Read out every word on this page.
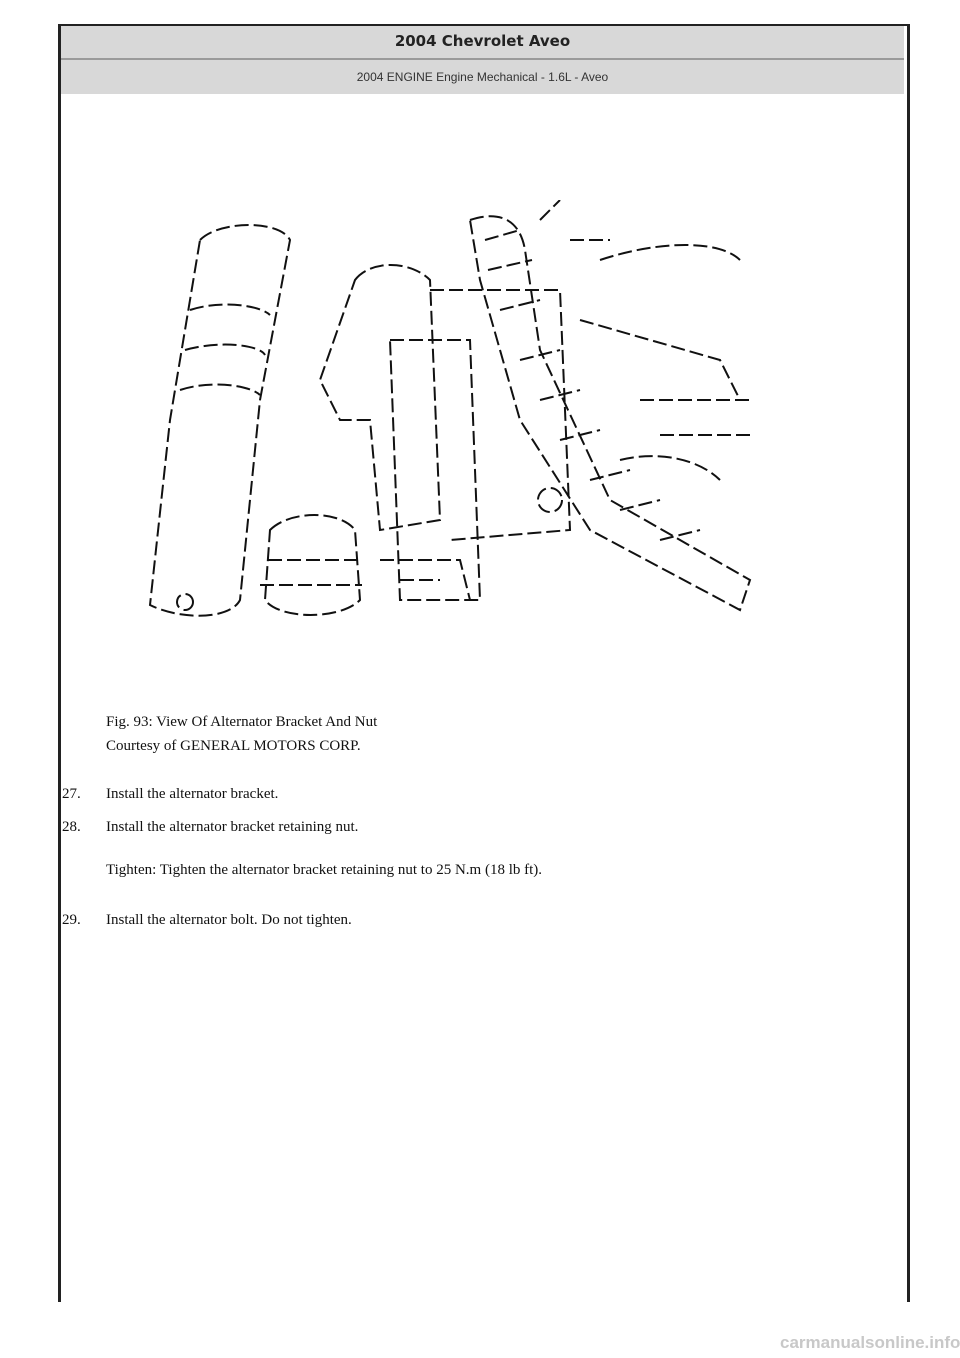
2004 Chevrolet Aveo
2004 ENGINE Engine Mechanical - 1.6L - Aveo
Fig. 93: View Of Alternator Bracket And Nut
Courtesy of GENERAL MOTORS CORP.
27. Install the alternator bracket.
28. Install the alternator bracket retaining nut.
Tighten: Tighten the alternator bracket retaining nut to 25 N.m (18 lb ft).
29. Install the alternator bolt. Do not tighten.
carmanualsonline.info
